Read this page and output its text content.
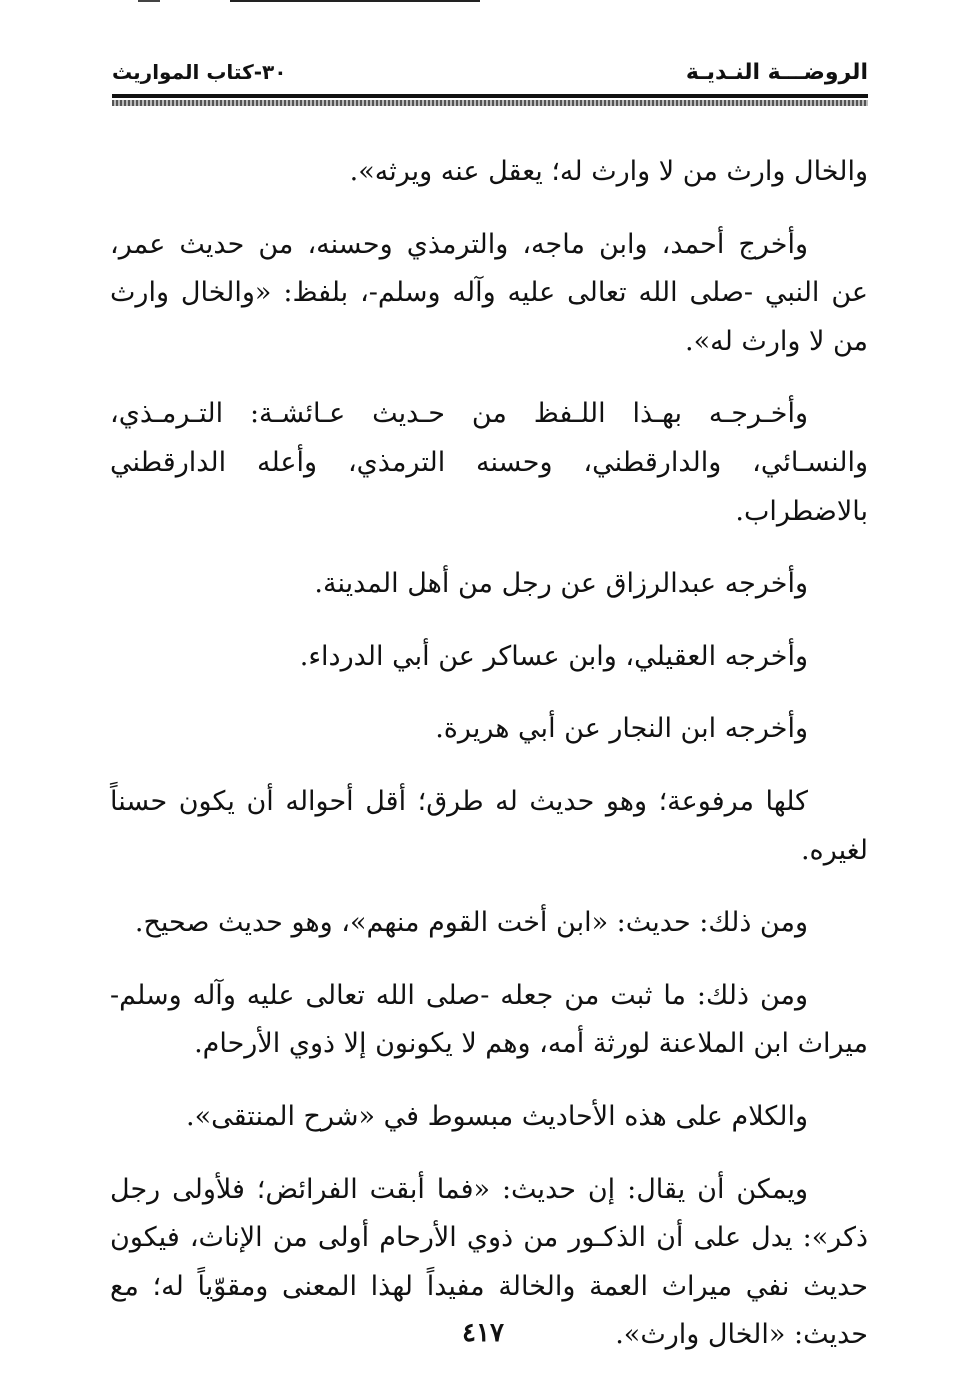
الروضـــة النـديـة
٣٠-كتاب المواريث

والخال وارث من لا وارث له؛ يعقل عنه ويرثه».

وأخرج أحمد، وابن ماجه، والترمذي وحسنه، من حديث عمر، عن النبي -صلى الله تعالى عليه وآله وسلم-، بلفظ: «والخال وارث من لا وارث له».

وأخـرجـه بهـذا اللـفظ من حـديث عـائشـة: التـرمـذي، والنسـائي، والدارقطني، وحسنه الترمذي، وأعله الدارقطني بالاضطراب.

وأخرجه عبدالرزاق عن رجل من أهل المدينة.

وأخرجه العقيلي، وابن عساكر عن أبي الدرداء.

وأخرجه ابن النجار عن أبي هريرة.

كلها مرفوعة؛ وهو حديث له طرق؛ أقل أحواله أن يكون حسناً لغيره.

ومن ذلك: حديث: «ابن أخت القوم منهم»، وهو حديث صحيح.

ومن ذلك: ما ثبت من جعله -صلى الله تعالى عليه وآله وسلم- ميراث ابن الملاعنة لورثة أمه، وهم لا يكونون إلا ذوي الأرحام.

والكلام على هذه الأحاديث مبسوط في «شرح المنتقى».

ويمكن أن يقال: إن حديث: «فما أبقت الفرائض؛ فلأولى رجل ذكر»: يدل على أن الذكـور من ذوي الأرحام أولى من الإناث، فيكون حديث نفي ميراث العمة والخالة مفيداً لهذا المعنى ومقوّياً له؛ مع حديث: «الخال وارث».

٤١٧
